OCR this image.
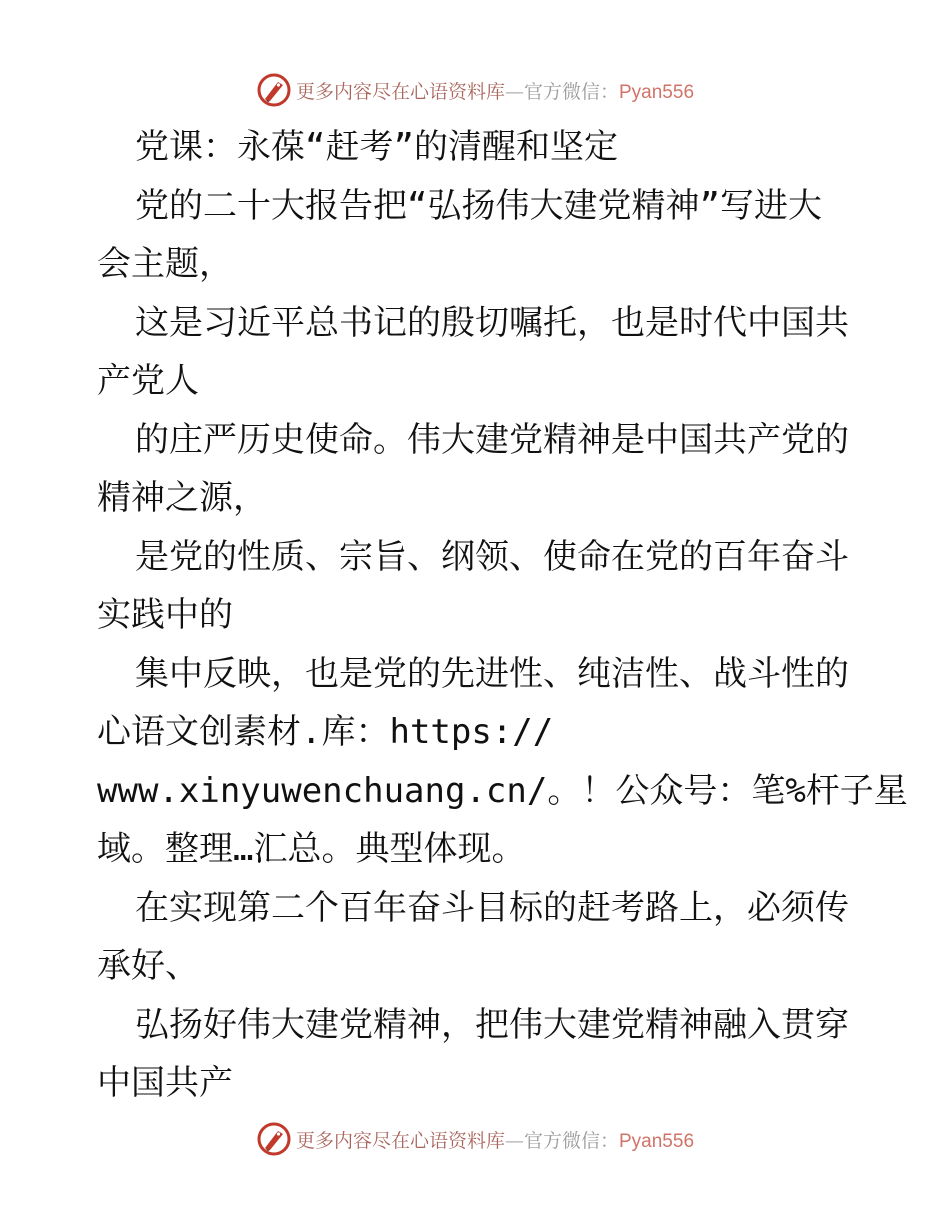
更多内容尽在心语资料库—官方微信：Pyan556
党课：永葆“赶考”的清醒和坚定
党的二十大报告把“弘扬伟大建党精神”写进大
会主题，
这是习近平总书记的殷切嘱托，也是时代中国共
产党人
的庄严历史使命。伟大建党精神是中国共产党的
精神之源，
是党的性质、宗旨、纲领、使命在党的百年奋斗
实践中的
集中反映，也是党的先进性、纯洁性、战斗性的
心语文创素材.库：https://
www.xinyuwenchuang.cn/。！公众号：笔%杆子星
域。整理…汇总。典型体现。
在实现第二个百年奋斗目标的赶考路上，必须传
承好、
弘扬好伟大建党精神，把伟大建党精神融入贯穿
中国共产
更多内容尽在心语资料库—官方微信：Pyan556
